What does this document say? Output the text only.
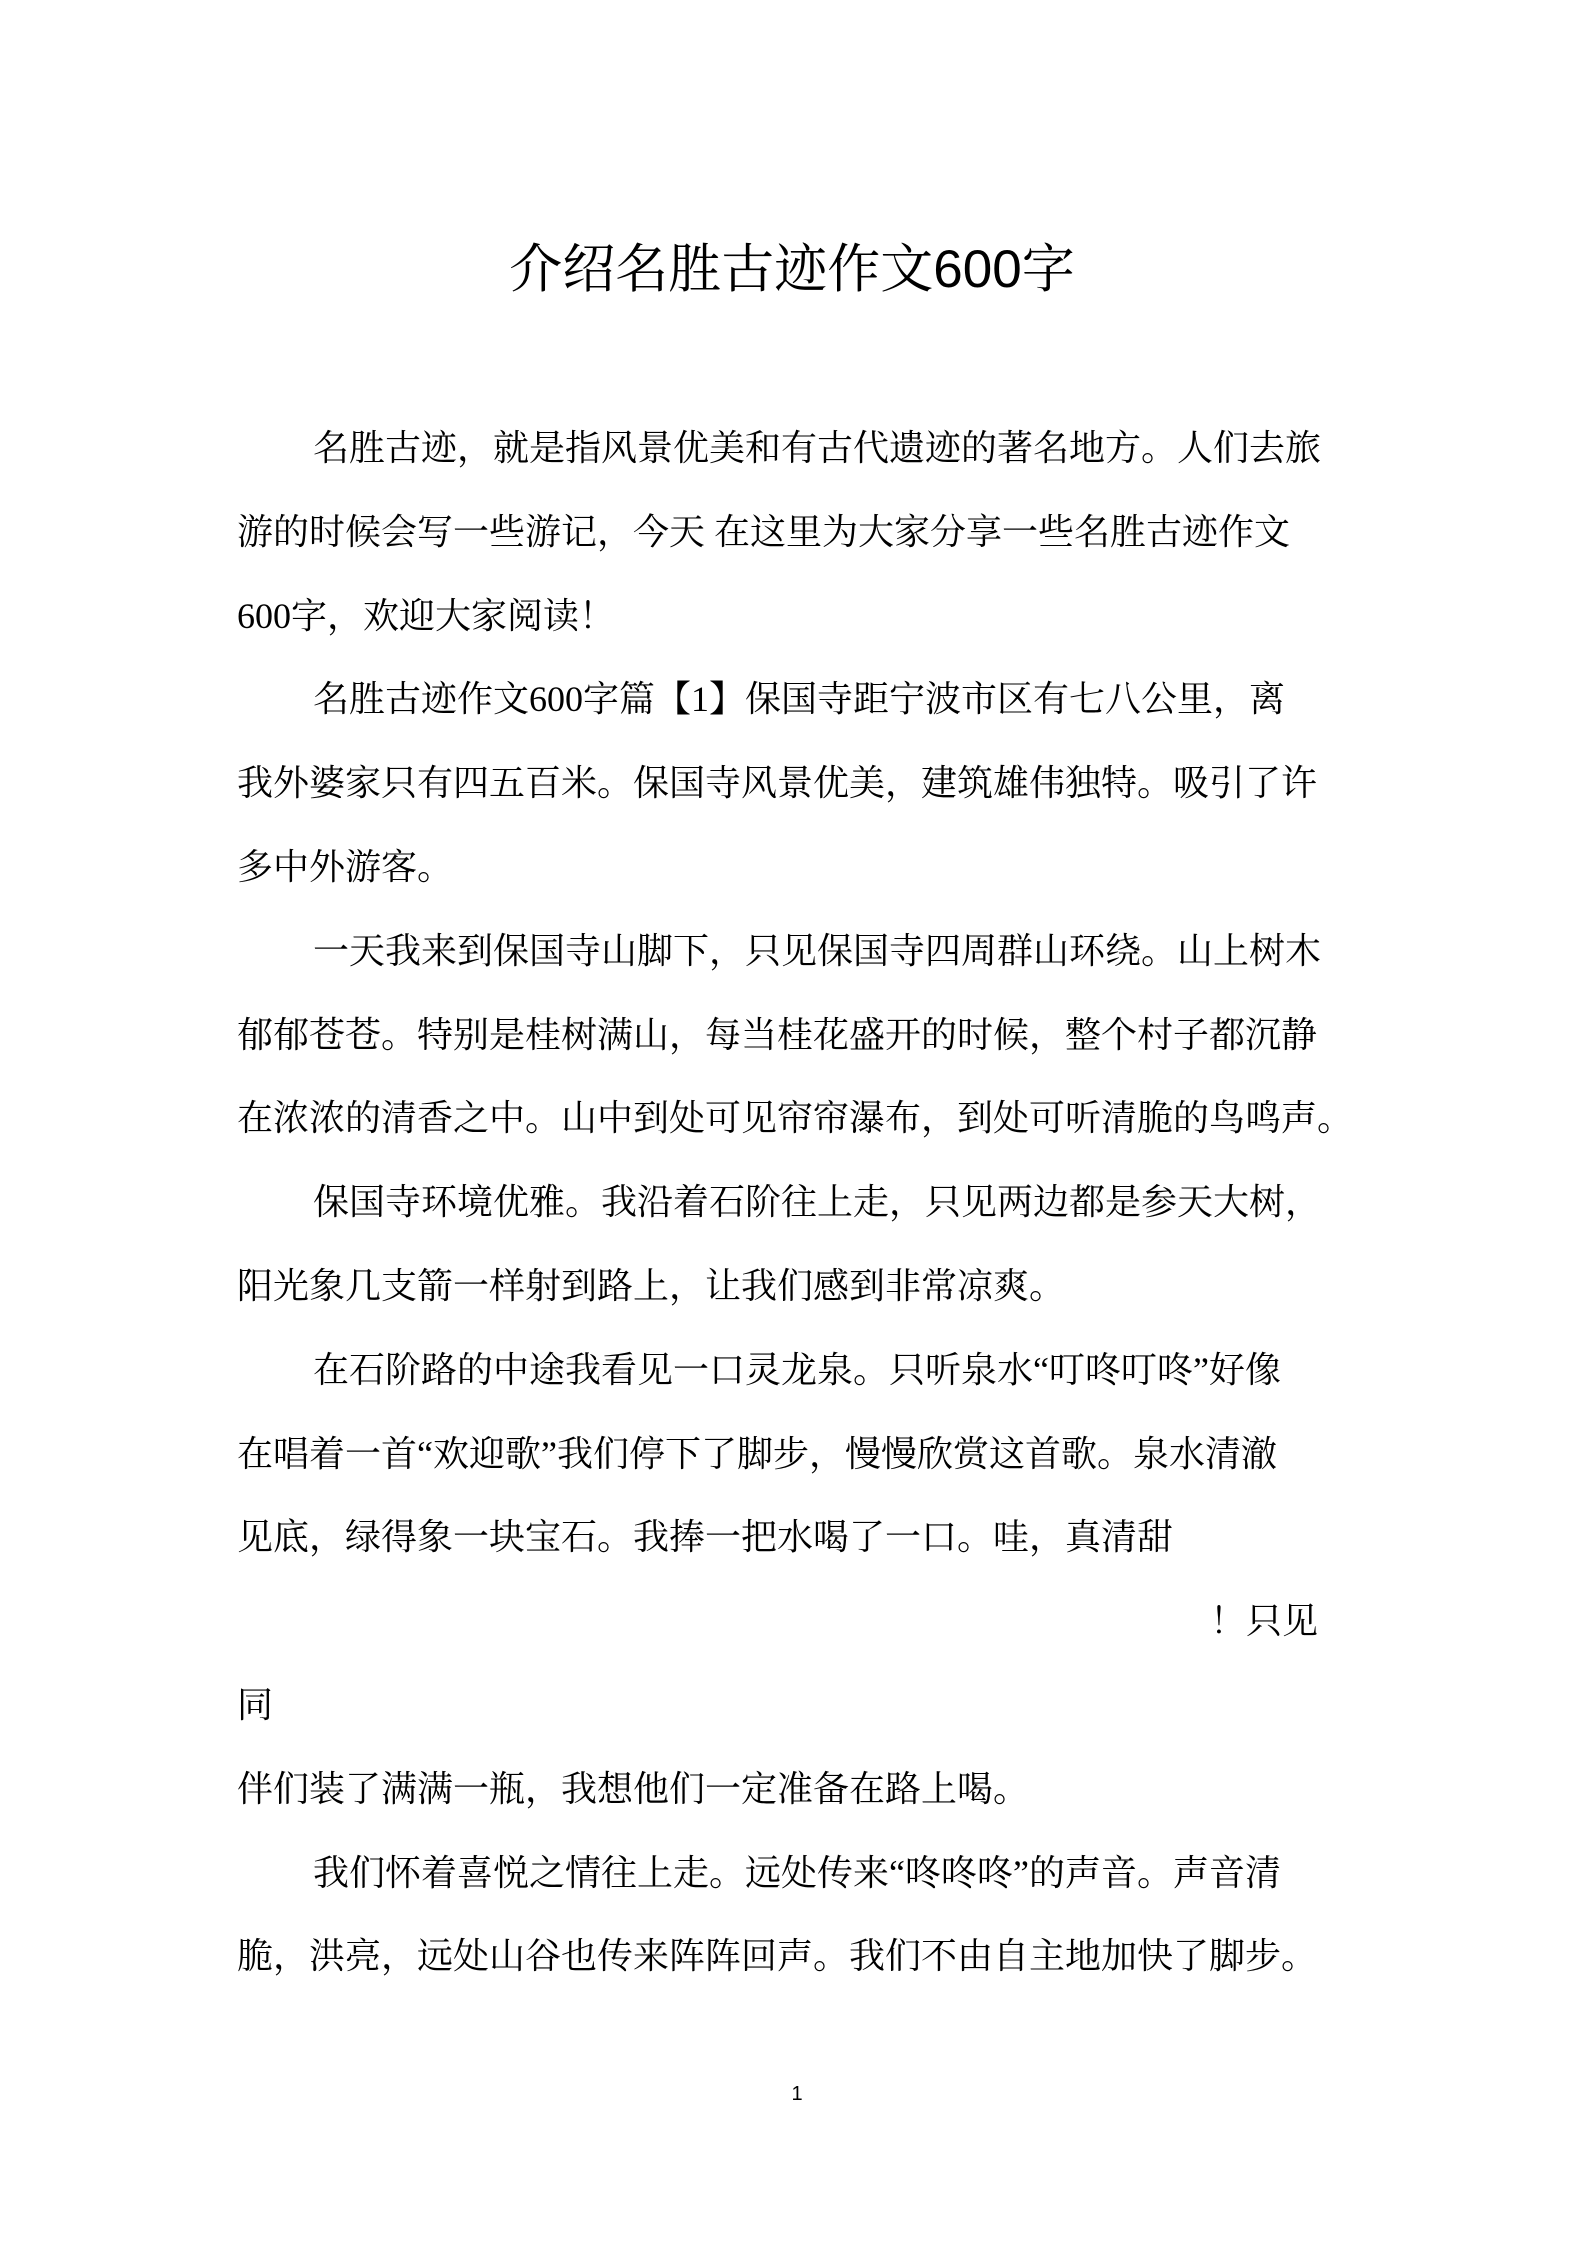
介绍名胜古迹作文600字
名胜古迹，就是指风景优美和有古代遗迹的著名地方。人们去旅
游的时候会写一些游记，今天 在这里为大家分享一些名胜古迹作文
600字，欢迎大家阅读！
名胜古迹作文600字篇【1】保国寺距宁波市区有七八公里，离
我外婆家只有四五百米。保国寺风景优美，建筑雄伟独特。吸引了许
多中外游客。
一天我来到保国寺山脚下，只见保国寺四周群山环绕。山上树木
郁郁苍苍。特别是桂树满山，每当桂花盛开的时候，整个村子都沉静
在浓浓的清香之中。山中到处可见帘帘瀑布，到处可听清脆的鸟鸣声。
保国寺环境优雅。我沿着石阶往上走，只见两边都是参天大树，
阳光象几支箭一样射到路上，让我们感到非常凉爽。
在石阶路的中途我看见一口灵龙泉。只听泉水“叮咚叮咚”好像
在唱着一首“欢迎歌”我们停下了脚步，慢慢欣赏这首歌。泉水清澈
见底，绿得象一块宝石。我捧一把水喝了一口。哇，真清甜
！只见
同
伴们装了满满一瓶，我想他们一定准备在路上喝。
我们怀着喜悦之情往上走。远处传来“咚咚咚”的声音。声音清
脆，洪亮，远处山谷也传来阵阵回声。我们不由自主地加快了脚步。
1
